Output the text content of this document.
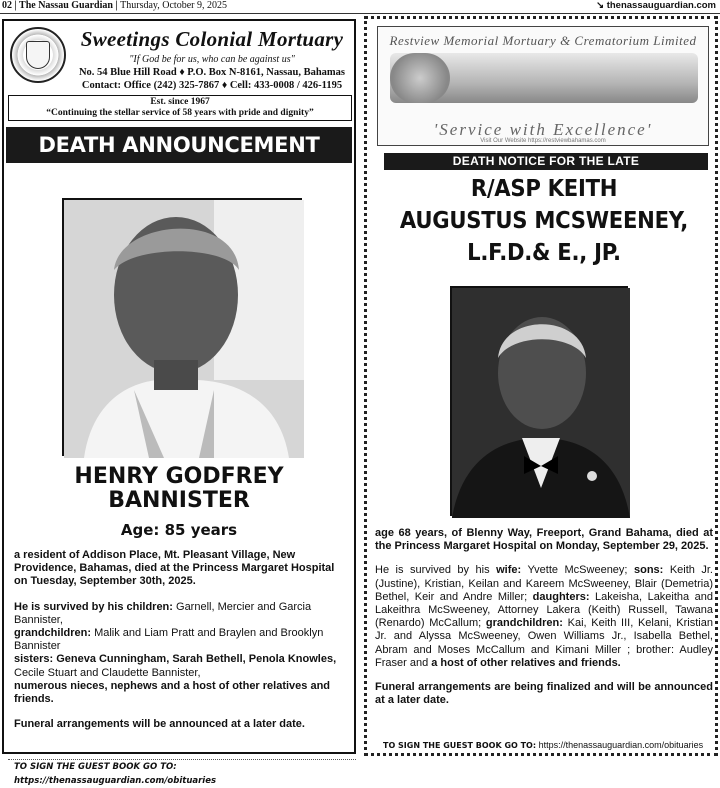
02 | The Nassau Guardian | Thursday, October 9, 2025	↘ thenassauguardian.com
Sweetings Colonial Mortuary
"If God be for us, who can be against us"
No. 54 Blue Hill Road ♦ P.O. Box N-8161, Nassau, Bahamas
Contact: Office (242) 325-7867 ♦ Cell: 433-0008 / 426-1195
Est. since 1967
“Continuing the stellar service of 58 years with pride and dignity”
DEATH ANNOUNCEMENT
HENRY GODFREY BANNISTER
Age: 85 years

a resident of Addison Place, Mt. Pleasant Village, New Providence, Bahamas, died at the Princess Margaret Hospital on Tuesday, September 30th, 2025.

He is survived by his children: Garnell, Mercier and Garcia Bannister,
grandchildren: Malik and Liam Pratt and Braylen and Brooklyn Bannister
sisters: Geneva Cunningham, Sarah Bethell, Penola Knowles, Cecile Stuart and Claudette Bannister,
numerous nieces, nephews and a host of other relatives and friends.

Funeral arrangements will be announced at a later date.

TO SIGN THE GUEST BOOK GO TO: https://thenassauguardian.com/obituaries
Restview Memorial Mortuary & Crematorium Limited
'Service with Excellence'
Visit Our Website https://restviewbahamas.com
DEATH NOTICE FOR THE LATE
R/ASP KEITH
AUGUSTUS MCSWEENEY,
L.F.D.& E., JP.

age 68 years, of Blenny Way, Freeport, Grand Bahama, died at the Princess Margaret Hospital on Monday, September 29, 2025.

He is survived by his wife: Yvette McSweeney; sons: Keith Jr.(Justine), Kristian, Keilan and Kareem McSweeney, Blair (Demetria) Bethel, Keir and Andre Miller; daughters: Lakeisha, Lakeitha and Lakeithra McSweeney, Attorney Lakera (Keith) Russell, Tawana (Renardo) McCallum; grandchildren: Kai, Keith III, Kelani, Kristian Jr. and Alyssa McSweeney, Owen Williams Jr., Isabella Bethel, Abram and Moses McCallum and Kimani Miller ; brother: Audley Fraser and a host of other relatives and friends.

Funeral arrangements are being finalized and will be announced at a later date.

TO SIGN THE GUEST BOOK GO TO: https://thenassauguardian.com/obituaries
